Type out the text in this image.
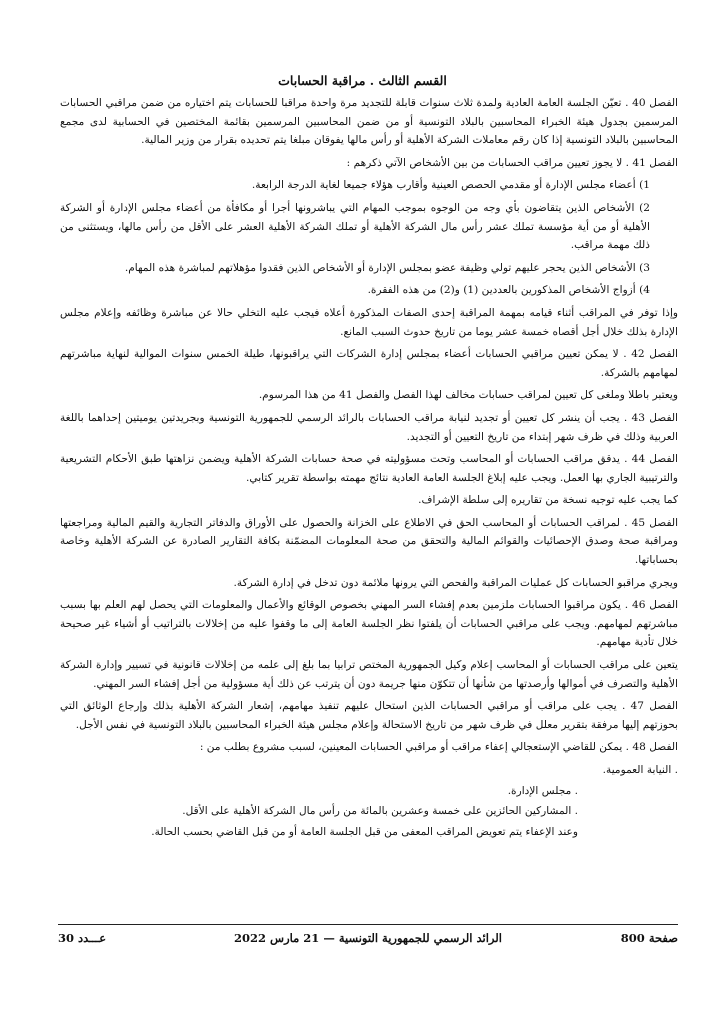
القسم الثالث . مراقبة الحسابات

الفصل 40 . تعيّن الجلسة العامة العادية ولمدة ثلاث سنوات قابلة للتجديد مرة واحدة مراقبا للحسابات يتم اختياره من ضمن مراقبي الحسابات المرسمين بجدول هيئة الخبراء المحاسبين بالبلاد التونسية أو من ضمن المحاسبين المرسمين بقائمة المختصين في الحسابية لدى مجمع المحاسبين بالبلاد التونسية إذا كان رقم معاملات الشركة الأهلية أو رأس مالها يفوقان مبلغا يتم تحديده بقرار من وزير المالية.

الفصل 41 . لا يجوز تعيين مراقب الحسابات من بين الأشخاص الآتي ذكرهم :

1) أعضاء مجلس الإدارة أو مقدمي الحصص العينية وأقارب هؤلاء جميعا لغاية الدرجة الرابعة.

2) الأشخاص الذين يتقاضون بأي وجه من الوجوه بموجب المهام التي يباشرونها أجرا أو مكافأة من أعضاء مجلس الإدارة أو الشركة الأهلية أو من أية مؤسسة تملك عشر رأس مال الشركة الأهلية أو تملك الشركة الأهلية العشر على الأقل من رأس مالها، ويستثنى من ذلك مهمة مراقب.

3) الأشخاص الذين يحجر عليهم تولي وظيفة عضو بمجلس الإدارة أو الأشخاص الذين فقدوا مؤهلاتهم لمباشرة هذه المهام.

4) أزواج الأشخاص المذكورين بالعددين (1) و(2) من هذه الفقرة.

وإذا توفر في المراقب أثناء قيامه بمهمة المراقبة إحدى الصفات المذكورة أعلاه فيجب عليه التخلي حالا عن مباشرة وظائفه وإعلام مجلس الإدارة بذلك خلال أجل أقصاه خمسة عشر يوما من تاريخ حدوث السبب المانع.

الفصل 42 . لا يمكن تعيين مراقبي الحسابات أعضاء بمجلس إدارة الشركات التي يراقبونها، طيلة الخمس سنوات الموالية لنهاية مباشرتهم لمهامهم بالشركة.

ويعتبر باطلا وملغى كل تعيين لمراقب حسابات مخالف لهذا الفصل والفصل 41 من هذا المرسوم.

الفصل 43 . يجب أن ينشر كل تعيين أو تجديد لنيابة مراقب الحسابات بالرائد الرسمي للجمهورية التونسية وبجريدتين يوميتين إحداهما باللغة العربية وذلك في ظرف شهر إبتداء من تاريخ التعيين أو التجديد.

الفصل 44 . يدقق مراقب الحسابات أو المحاسب وتحت مسؤوليته في صحة حسابات الشركة الأهلية ويضمن نزاهتها طبق الأحكام التشريعية والترتيبية الجاري بها العمل. ويجب عليه إبلاغ الجلسة العامة العادية نتائج مهمته بواسطة تقرير كتابي.

كما يجب عليه توجيه نسخة من تقاريره إلى سلطة الإشراف.

الفصل 45 . لمراقب الحسابات أو المحاسب الحق في الاطلاع على الخزانة والحصول على الأوراق والدفاتر التجارية والقيم المالية ومراجعتها ومراقبة صحة وصدق الإحصائيات والقوائم المالية والتحقق من صحة المعلومات المضمّنة بكافة التقارير الصادرة عن الشركة الأهلية وخاصة بحساباتها.

ويجري مراقبو الحسابات كل عمليات المراقبة والفحص التي يرونها ملائمة دون تدخل في إدارة الشركة.

الفصل 46 . يكون مراقبوا الحسابات ملزمين بعدم إفشاء السر المهني بخصوص الوقائع والأعمال والمعلومات التي يحصل لهم العلم بها بسبب مباشرتهم لمهامهم. ويجب على مراقبي الحسابات أن يلفتوا نظر الجلسة العامة إلى ما وقفوا عليه من إخلالات بالتراتيب أو أشياء غير صحيحة خلال تأدية مهامهم.

يتعين على مراقب الحسابات أو المحاسب إعلام وكيل الجمهورية المختص ترابيا بما بلغ إلى علمه من إخلالات قانونية في تسيير وإدارة الشركة الأهلية والتصرف في أموالها وأرصدتها من شأنها أن تتكوّن منها جريمة دون أن يترتب عن ذلك أية مسؤولية من أجل إفشاء السر المهني.

الفصل 47 . يجب على مراقب أو مراقبي الحسابات الذين استحال عليهم تنفيذ مهامهم، إشعار الشركة الأهلية بذلك وإرجاع الوثائق التي بحوزتهم إليها مرفقة بتقرير معلل في ظرف شهر من تاريخ الاستحالة وإعلام مجلس هيئة الخبراء المحاسبين بالبلاد التونسية في نفس الأجل.

الفصل 48 . يمكن للقاضي الإستعجالي إعفاء مراقب أو مراقبي الحسابات المعينين، لسبب مشروع بطلب من :

. النيابة العمومية.

. مجلس الإدارة.

. المشاركين الحائزين على خمسة وعشرين بالمائة من رأس مال الشركة الأهلية على الأقل.

وعند الإعفاء يتم تعويض المراقب المعفى من قبل الجلسة العامة أو من قبل القاضي بحسب الحالة.

صفحة 800
الرائد الرسمي للجمهورية التونسية — 21 مارس 2022
عـــدد 30
